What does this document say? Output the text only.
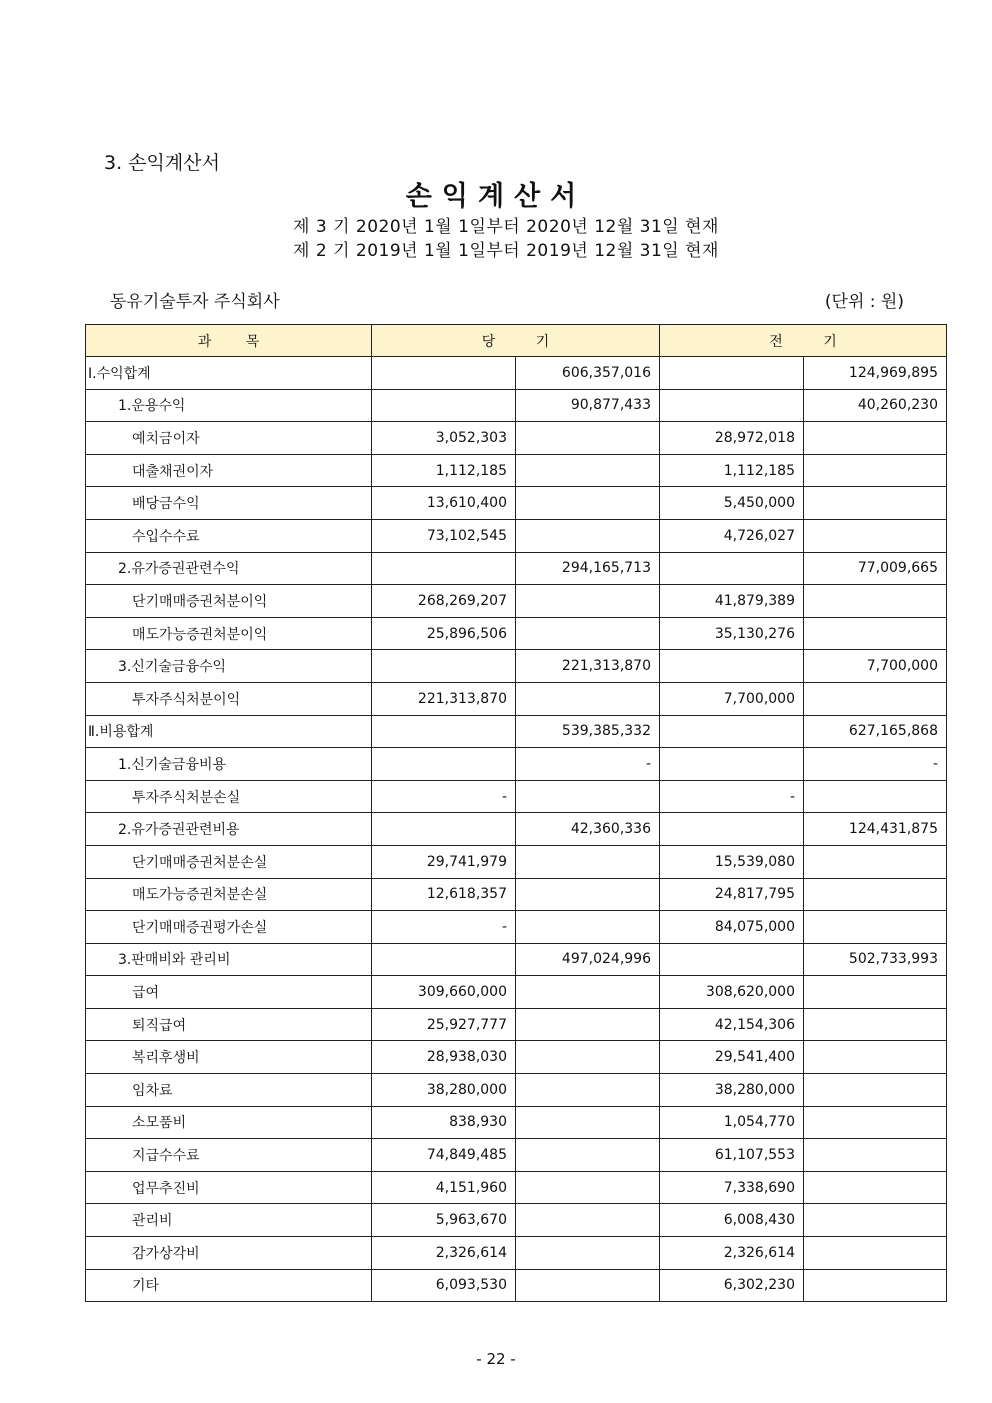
3. 손익계산서
손익계산서
제 3 기 2020년 1월 1일부터 2020년 12월 31일 현재
제 2 기 2019년 1월 1일부터 2019년 12월 31일 현재
동유기술투자 주식회사	(단위 : 원)
과 목	당 기		전 기	
Ⅰ.수익합계		606,357,016		124,969,895
1.운용수익		90,877,433		40,260,230
예치금이자	3,052,303		28,972,018	
대출채권이자	1,112,185		1,112,185	
배당금수익	13,610,400		5,450,000	
수입수수료	73,102,545		4,726,027	
2.유가증권관련수익		294,165,713		77,009,665
단기매매증권처분이익	268,269,207		41,879,389	
매도가능증권처분이익	25,896,506		35,130,276	
3.신기술금융수익		221,313,870		7,700,000
투자주식처분이익	221,313,870		7,700,000	
Ⅱ.비용합계		539,385,332		627,165,868
1.신기술금융비용		-		-
투자주식처분손실	-		-	
2.유가증권관련비용		42,360,336		124,431,875
단기매매증권처분손실	29,741,979		15,539,080	
매도가능증권처분손실	12,618,357		24,817,795	
단기매매증권평가손실	-		84,075,000	
3.판매비와 관리비		497,024,996		502,733,993
급여	309,660,000		308,620,000	
퇴직급여	25,927,777		42,154,306	
복리후생비	28,938,030		29,541,400	
임차료	38,280,000		38,280,000	
소모품비	838,930		1,054,770	
지급수수료	74,849,485		61,107,553	
업무추진비	4,151,960		7,338,690	
관리비	5,963,670		6,008,430	
감가상각비	2,326,614		2,326,614	
기타	6,093,530		6,302,230	
- 22 -
